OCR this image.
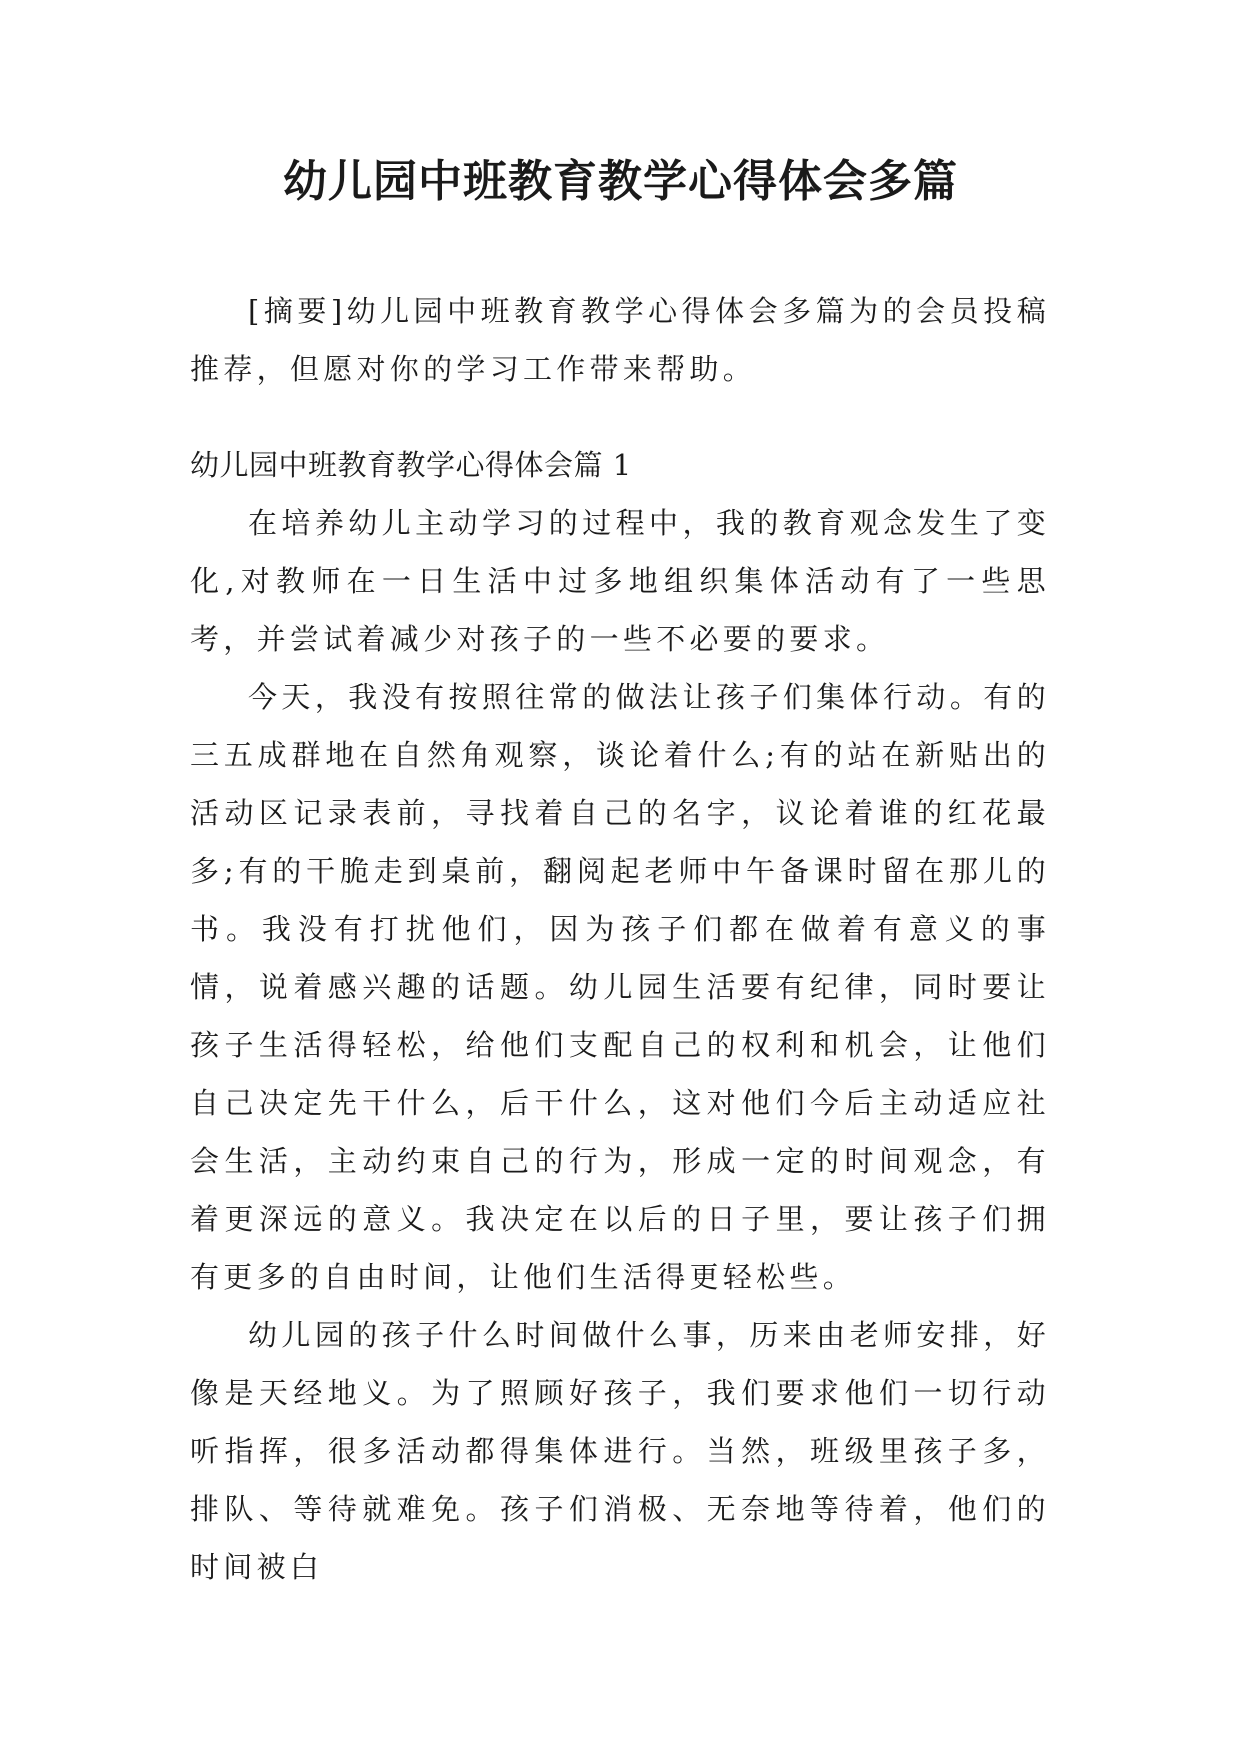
幼儿园中班教育教学心得体会多篇

[摘要]幼儿园中班教育教学心得体会多篇为的会员投稿推荐，但愿对你的学习工作带来帮助。

幼儿园中班教育教学心得体会篇 1

在培养幼儿主动学习的过程中，我的教育观念发生了变化,对教师在一日生活中过多地组织集体活动有了一些思考，并尝试着减少对孩子的一些不必要的要求。

今天，我没有按照往常的做法让孩子们集体行动。有的三五成群地在自然角观察，谈论着什么;有的站在新贴出的活动区记录表前，寻找着自己的名字，议论着谁的红花最多;有的干脆走到桌前，翻阅起老师中午备课时留在那儿的书。我没有打扰他们，因为孩子们都在做着有意义的事情，说着感兴趣的话题。幼儿园生活要有纪律，同时要让孩子生活得轻松，给他们支配自己的权利和机会，让他们自己决定先干什么，后干什么，这对他们今后主动适应社会生活，主动约束自己的行为，形成一定的时间观念，有着更深远的意义。我决定在以后的日子里，要让孩子们拥有更多的自由时间，让他们生活得更轻松些。

幼儿园的孩子什么时间做什么事，历来由老师安排，好像是天经地义。为了照顾好孩子，我们要求他们一切行动听指挥，很多活动都得集体进行。当然，班级里孩子多，排队、等待就难免。孩子们消极、无奈地等待着，他们的时间被白
